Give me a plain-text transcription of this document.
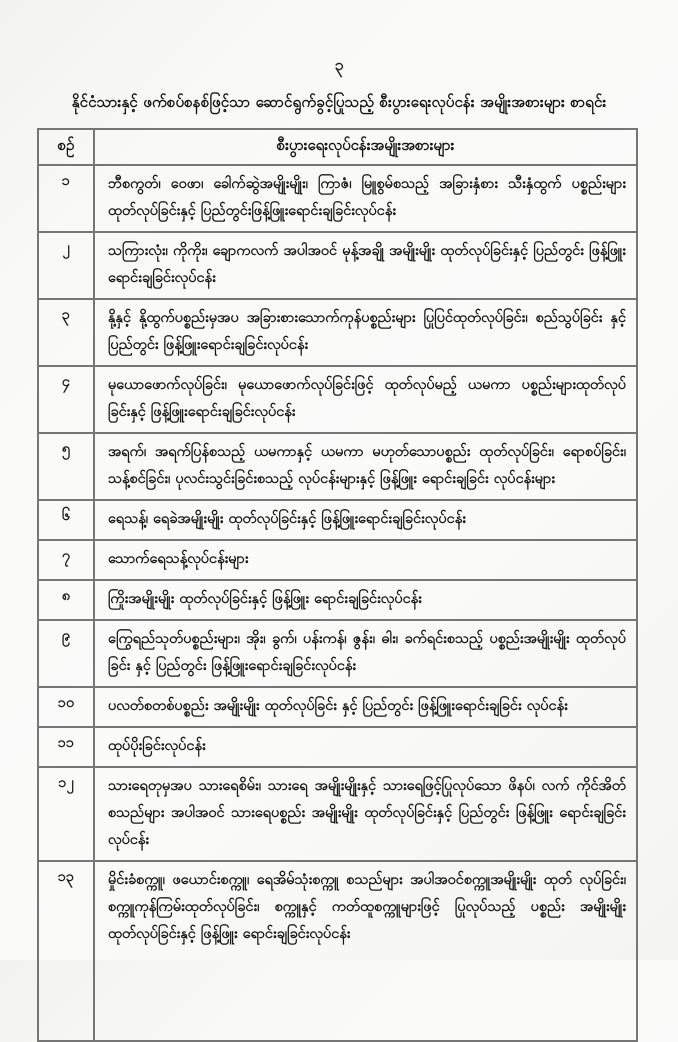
၃
နိုင်ငံသားနှင့် ဖက်စပ်စနစ်ဖြင့်သာ ဆောင်ရွက်ခွင့်ပြုသည့် စီးပွားရေးလုပ်ငန်း အမျိုးအစားများ စာရင်း
စဉ်	စီးပွားရေးလုပ်ငန်းအမျိုးအစားများ
၁	ဘီစကွတ်၊ ဝေဖာ၊ ခေါက်ဆွဲအမျိုးမျိုး၊ ကြာဇံ၊ မြူစွမ်စသည့် အခြားနှံစား သီးနှံထွက် ပစ္စည်းများ ထုတ်လုပ်ခြင်းနှင့် ပြည်တွင်းဖြန့်ဖြူးရောင်းချခြင်းလုပ်ငန်း
၂	သကြားလုံး၊ ကိုကိုး၊ ချောကလက် အပါအဝင် မုန့်အချို အမျိုးမျိုး ထုတ်လုပ်ခြင်းနှင့် ပြည်တွင်း ဖြန့်ဖြူးရောင်းချခြင်းလုပ်ငန်း
၃	နို့နှင့် နို့ထွက်ပစ္စည်းမှအပ အခြားစားသောက်ကုန်ပစ္စည်းများ ပြုပြင်ထုတ်လုပ်ခြင်း၊ စည်သွပ်ခြင်း နှင့် ပြည်တွင်း ဖြန့်ဖြူးရောင်းချခြင်းလုပ်ငန်း
၄	မုယောဖောက်လုပ်ခြင်း၊ မုယောဖောက်လုပ်ခြင်းဖြင့် ထုတ်လုပ်မည့် ယမကာ ပစ္စည်းများထုတ်လုပ် ခြင်းနှင့် ဖြန့်ဖြူးရောင်းချခြင်းလုပ်ငန်း
၅	အရက်၊ အရက်ပြန်စသည့် ယမကာနှင့် ယမကာ မဟုတ်သောပစ္စည်း ထုတ်လုပ်ခြင်း၊ ရောစပ်ခြင်း၊ သန့်စင်ခြင်း၊ ပုလင်းသွင်းခြင်းစသည့် လုပ်ငန်းများနှင့် ဖြန့်ဖြူး ရောင်းချခြင်း လုပ်ငန်းများ
၆	ရေသန့်၊ ရေခဲအမျိုးမျိုး ထုတ်လုပ်ခြင်းနှင့် ဖြန့်ဖြူးရောင်းချခြင်းလုပ်ငန်း
၇	သောက်ရေသန့်လုပ်ငန်းများ
၈	ကြိုးအမျိုးမျိုး ထုတ်လုပ်ခြင်းနှင့် ဖြန့်ဖြူး ရောင်းချခြင်းလုပ်ငန်း
၉	ကြွေရည်သုတ်ပစ္စည်းများ၊ အိုး၊ ခွက်၊ ပန်းကန်၊ ဇွန်း၊ ဓါး၊ ခက်ရင်းစသည့် ပစ္စည်းအမျိုးမျိုး ထုတ်လုပ်ခြင်း နှင့် ပြည်တွင်း ဖြန့်ဖြူးရောင်းချခြင်းလုပ်ငန်း
၁၀	ပလတ်စတစ်ပစ္စည်း အမျိုးမျိုး ထုတ်လုပ်ခြင်း နှင့် ပြည်တွင်း ဖြန့်ဖြူးရောင်းချခြင်း လုပ်ငန်း
၁၁	ထုပ်ပိုးခြင်းလုပ်ငန်း
၁၂	သားရေတုမှအပ သားရေစိမ်း၊ သားရေ အမျိုးမျိုးနှင့် သားရေဖြင့်ပြုလုပ်သော ဖိနပ်၊ လက် ကိုင်အိတ်စသည်များ အပါအဝင် သားရေပစ္စည်း အမျိုးမျိုး ထုတ်လုပ်ခြင်းနှင့် ပြည်တွင်း ဖြန့်ဖြူး ရောင်းချခြင်းလုပ်ငန်း
၁၃	မှိုင်းခံစက္ကူ၊ ဖယောင်းစက္ကူ၊ ရေအိမ်သုံးစက္ကူ စသည်များ အပါအဝင်စက္ကူအမျိုးမျိုး ထုတ် လုပ်ခြင်း၊ စက္ကူကုန်ကြမ်းထုတ်လုပ်ခြင်း၊ စက္ကူနှင့် ကတ်ထူစက္ကူများဖြင့် ပြုလုပ်သည့် ပစ္စည်း အမျိုးမျိုး ထုတ်လုပ်ခြင်းနှင့် ဖြန့်ဖြူး ရောင်းချခြင်းလုပ်ငန်း
